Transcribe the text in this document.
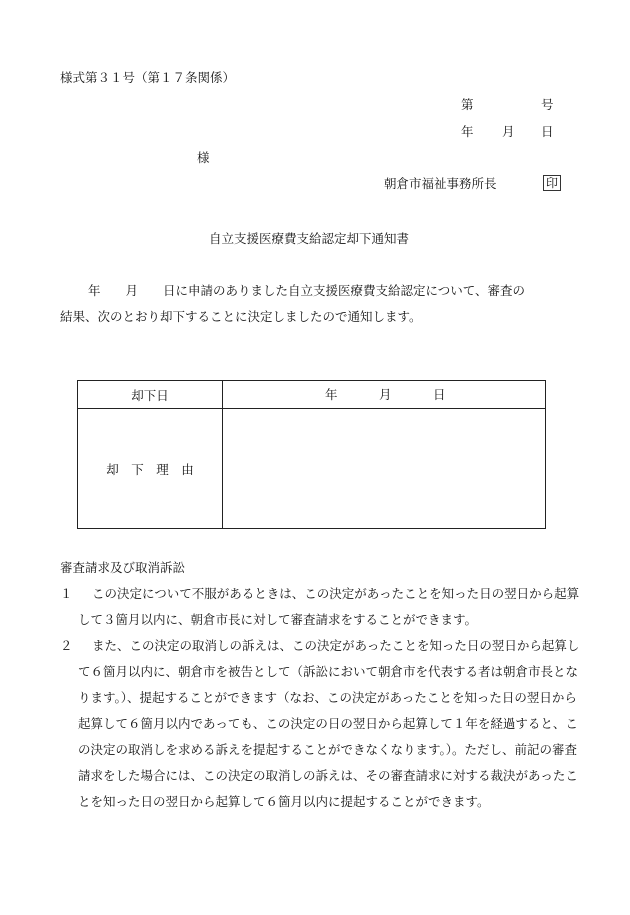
様式第３１号（第１７条関係）
第	号
年 月 日
様
朝倉市福祉事務所長	印
自立支援医療費支給認定却下通知書
年　　月　　日に申請のありました自立支援医療費支給認定について、審査の
結果、次のとおり却下することに決定しましたので通知します。
却下日	年 月 日

却　下　理　由	
審査請求及び取消訴訟
１ この決定について不服があるときは、この決定があったことを知った日の翌日から起算して３箇月以内に、朝倉市長に対して審査請求をすることができます。
２ また、この決定の取消しの訴えは、この決定があったことを知った日の翌日から起算して６箇月以内に、朝倉市を被告として（訴訟において朝倉市を代表する者は朝倉市長となります。）、提起することができます（なお、この決定があったことを知った日の翌日から起算して６箇月以内であっても、この決定の日の翌日から起算して１年を経過すると、この決定の取消しを求める訴えを提起することができなくなります。）。ただし、前記の審査請求をした場合には、この決定の取消しの訴えは、その審査請求に対する裁決があったことを知った日の翌日から起算して６箇月以内に提起することができます。
